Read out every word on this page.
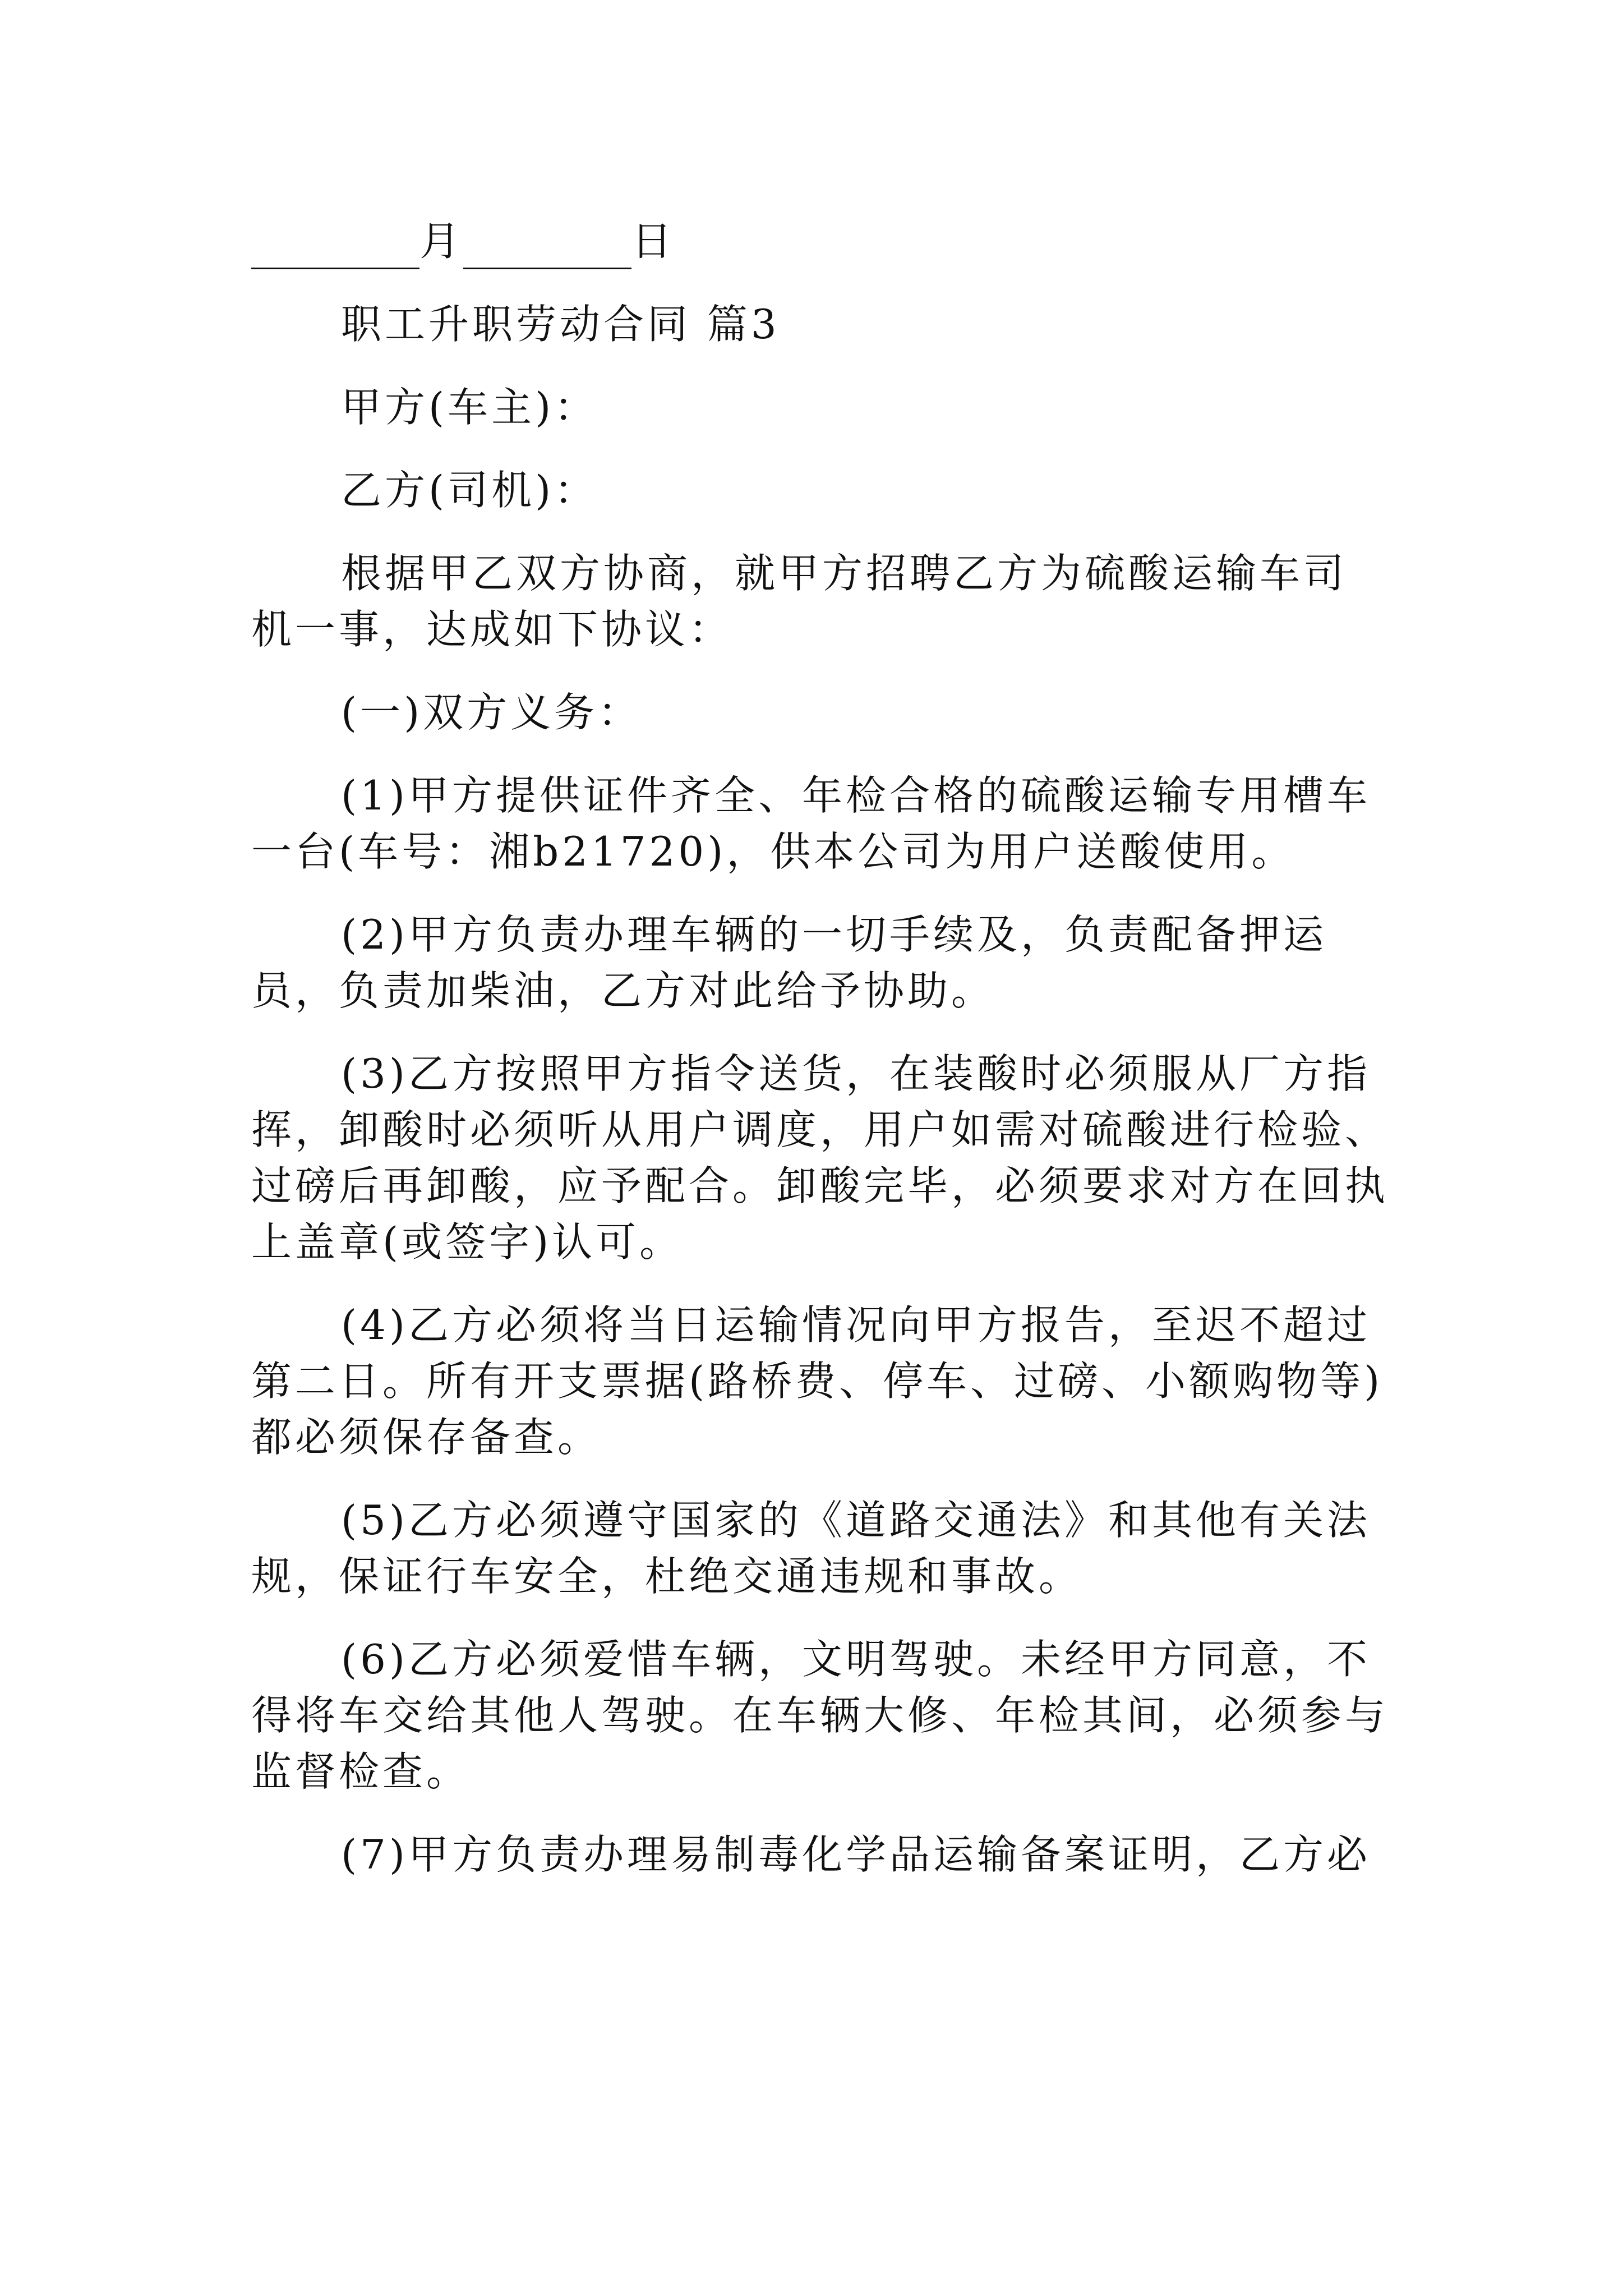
月	日

职工升职劳动合同 篇3

甲方(车主)：

乙方(司机)：

根据甲乙双方协商，就甲方招聘乙方为硫酸运输车司机一事，达成如下协议：

(一)双方义务：

(1)甲方提供证件齐全、年检合格的硫酸运输专用槽车一台(车号：湘b21720)，供本公司为用户送酸使用。

(2)甲方负责办理车辆的一切手续及，负责配备押运员，负责加柴油，乙方对此给予协助。

(3)乙方按照甲方指令送货，在装酸时必须服从厂方指挥，卸酸时必须听从用户调度，用户如需对硫酸进行检验、过磅后再卸酸，应予配合。卸酸完毕，必须要求对方在回执上盖章(或签字)认可。

(4)乙方必须将当日运输情况向甲方报告，至迟不超过第二日。所有开支票据(路桥费、停车、过磅、小额购物等)都必须保存备查。

(5)乙方必须遵守国家的《道路交通法》和其他有关法规，保证行车安全，杜绝交通违规和事故。

(6)乙方必须爱惜车辆，文明驾驶。未经甲方同意，不得将车交给其他人驾驶。在车辆大修、年检其间，必须参与监督检查。

(7)甲方负责办理易制毒化学品运输备案证明，乙方必
